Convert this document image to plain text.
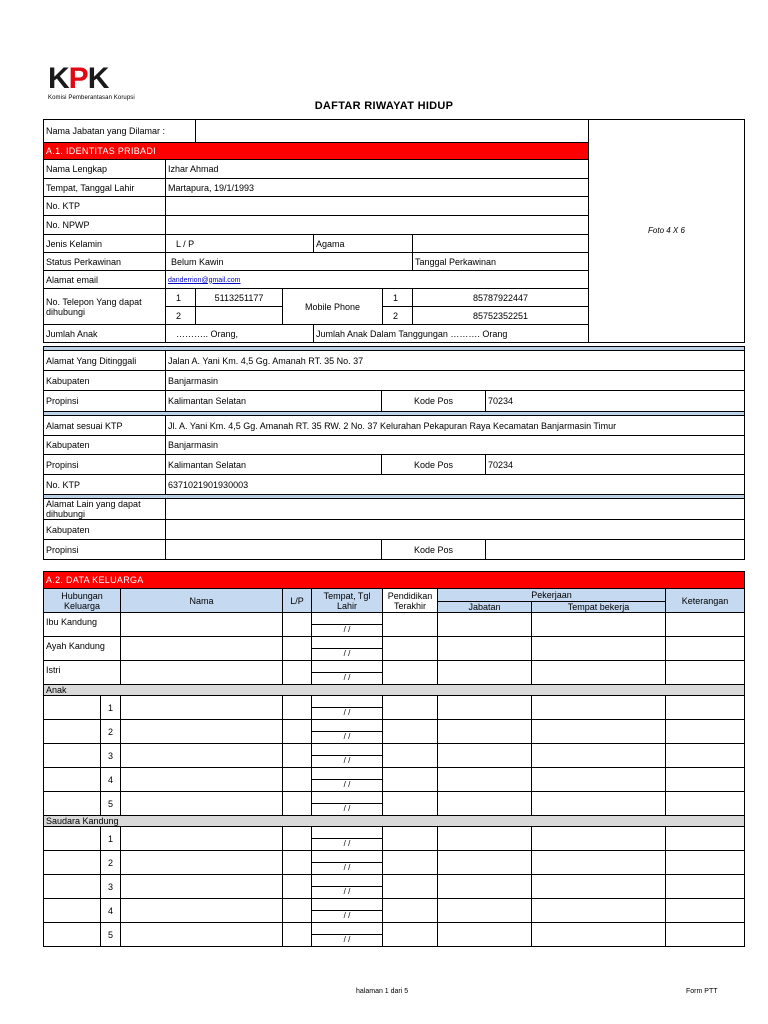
KPK
Komisi Pemberantasan Korupsi
DAFTAR RIWAYAT HIDUP
Nama Jabatan yang Dilamar :							Foto 4 X 6
A.1. IDENTITAS PRIBADI							
Nama Lengkap	Izhar Ahmad						
Tempat, Tanggal Lahir	Martapura, 19/1/1993						
No. KTP							
No. NPWP							
Jenis Kelamin	L / P			Agama			
Status Perkawinan	Belum Kawin					Tanggal Perkawinan	
Alamat email	danderrion@gmail.com						
No. Telepon Yang dapat dihubungi	1	5113251177	Mobile Phone		1	85787922447	
	2				2	85752352251	
Jumlah Anak	……….. Orang,			Jumlah Anak Dalam Tanggungan ………. Orang			

Alamat Yang Ditinggali	Jalan A. Yani Km. 4,5 Gg. Amanah RT. 35 No. 37		
Kabupaten	Banjarmasin		
Propinsi	Kalimantan Selatan	Kode Pos	70234

Alamat sesuai KTP	Jl. A. Yani Km. 4,5 Gg. Amanah RT. 35 RW. 2 No. 37 Kelurahan Pekapuran Raya Kecamatan Banjarmasin Timur		
Kabupaten	Banjarmasin		
Propinsi	Kalimantan Selatan	Kode Pos	70234
No. KTP	6371021901930003		

Alamat Lain yang dapat dihubungi			
Kabupaten			
Propinsi		Kode Pos	
A.2. DATA KELUARGA								
Hubungan Keluarga		Nama	L/P	Tempat, Tgl Lahir	Pendidikan Terakhir	Pekerjaan		Keterangan
						Jabatan	Tempat bekerja	
Ibu Kandung				/ /				

Ayah Kandung				/ /				

Istri				/ /				

Anak								
	1			/ /				

	2			/ /				

	3			/ /				

	4			/ /				

	5			/ /				

Saudara Kandung								
	1			/ /				

	2			/ /				

	3			/ /				

	4			/ /				

	5			/ /				

halaman 1 dari 5	Form PTT
